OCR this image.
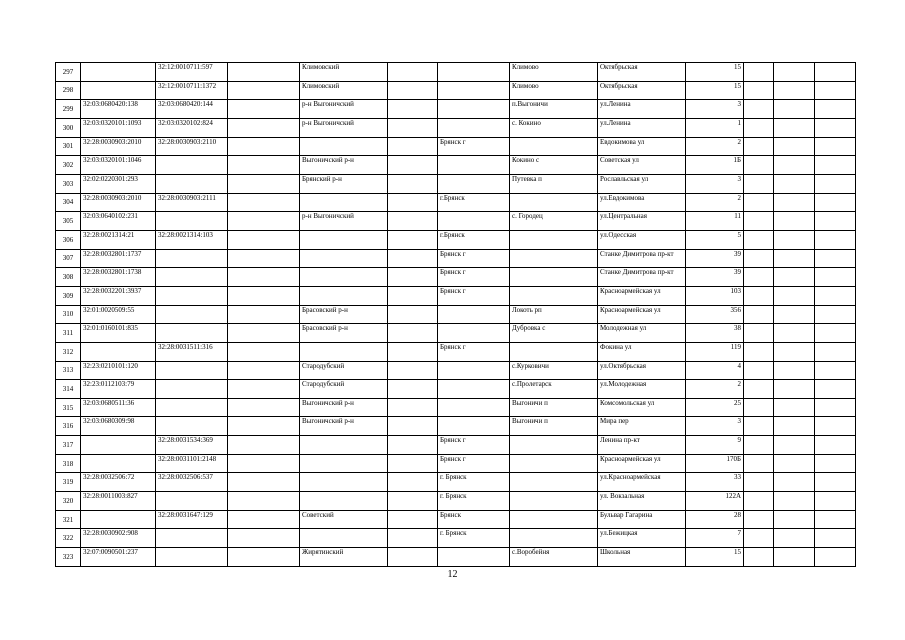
297		32:12:0010711:597		Климовский			Климово	Октябрьская	15			
298		32:12:0010711:1372		Климовский			Климово	Октябрьская	15			
299	32:03:0680420:138	32:03:0680420:144		р-н Выгоничский			п.Выгоничи	ул.Ленина	3			
300	32:03:0320101:1093	32:03:0320102:824		р-н Выгоничский			с. Кокино	ул.Ленина	1			
301	32:28:0030903:2010	32:28:0030903:2110				Брянск г		Евдокимова ул	2			
302	32:03:0320101:1046			Выгоничский р-н			Кокино с	Советская ул	1Б			
303	32:02:0220301:293			Брянский р-н			Путевка п	Рославльская ул	3			
304	32:28:0030903:2010	32:28:0030903:2111				г.Брянск		ул.Евдокимова	2			
305	32:03:0640102:231			р-н Выгоничский			с. Городец	ул.Центральная	11			
306	32:28:0021314:21	32:28:0021314:103				г.Брянск		ул.Одесская	5			
307	32:28:0032801:1737					Брянск г		Станке Димитрова пр-кт	39			
308	32:28:0032801:1738					Брянск г		Станке Димитрова пр-кт	39			
309	32:28:0032201:3937					Брянск г		Красноармейская ул	103			
310	32:01:0020509:55			Брасовский р-н			Локоть рп	Красноармейская ул	356			
311	32:01:0160101:835			Брасовский р-н			Дубровка с	Молодежная ул	38			
312		32:28:0031511:316				Брянск г		Фокина ул	119			
313	32:23:0210101:120			Стародубский			с.Курковичи	ул.Октябрьская	4			
314	32:23:0112103:79			Стародубский			с.Пролетарск	ул.Молодежная	2			
315	32:03:0680511:36			Выгоничский р-н			Выгоничи п	Комсомольская ул	25			
316	32:03:0680309:98			Выгоничский р-н			Выгоничи п	Мира пер	3			
317		32:28:0031534:369				Брянск г		Ленина пр-кт	9			
318		32:28:0031101:2148				Брянск г		Красноармейская ул	170Б			
319	32:28:0032506:72	32:28:0032506:537				г. Брянск		ул.Красноармейская	33			
320	32:28:0011003:827					г. Брянск		ул. Вокзальная	122А			
321		32:28:0031647:129		Советский		Брянск		Бульвар Гагарина	28			
322	32:28:0030902:908					г. Брянск		ул.Бежицкая	7			
323	32:07:0090501:237			Жирятинский			с.Воробейня	Школьная	15			
12
